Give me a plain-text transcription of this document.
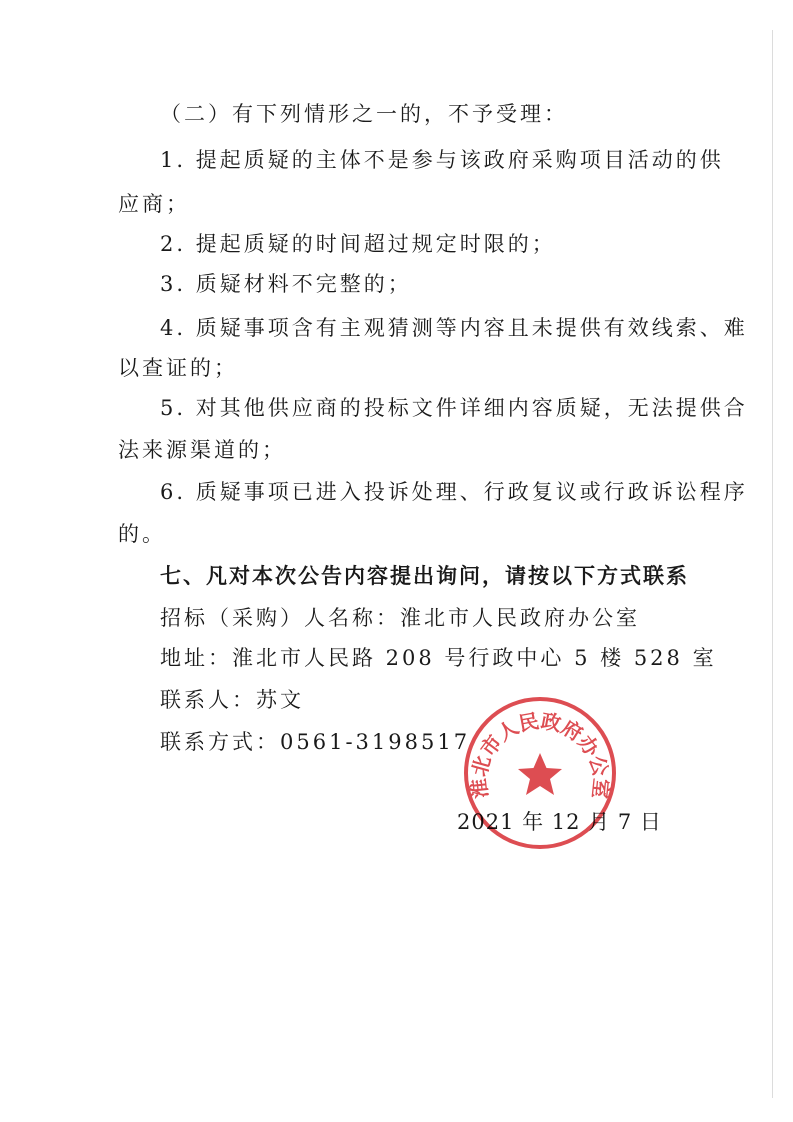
（二）有下列情形之一的，不予受理：
1. 提起质疑的主体不是参与该政府采购项目活动的供
应商；
2. 提起质疑的时间超过规定时限的；
3. 质疑材料不完整的；
4. 质疑事项含有主观猜测等内容且未提供有效线索、难
以查证的；
5. 对其他供应商的投标文件详细内容质疑，无法提供合
法来源渠道的；
6. 质疑事项已进入投诉处理、行政复议或行政诉讼程序
的。
七、凡对本次公告内容提出询问，请按以下方式联系
招标（采购）人名称：淮北市人民政府办公室
地址：淮北市人民路 208 号行政中心 5 楼 528 室
联系人：苏文
联系方式：0561-3198517
2021 年 12 月 7 日
淮北市人民政府办公室
